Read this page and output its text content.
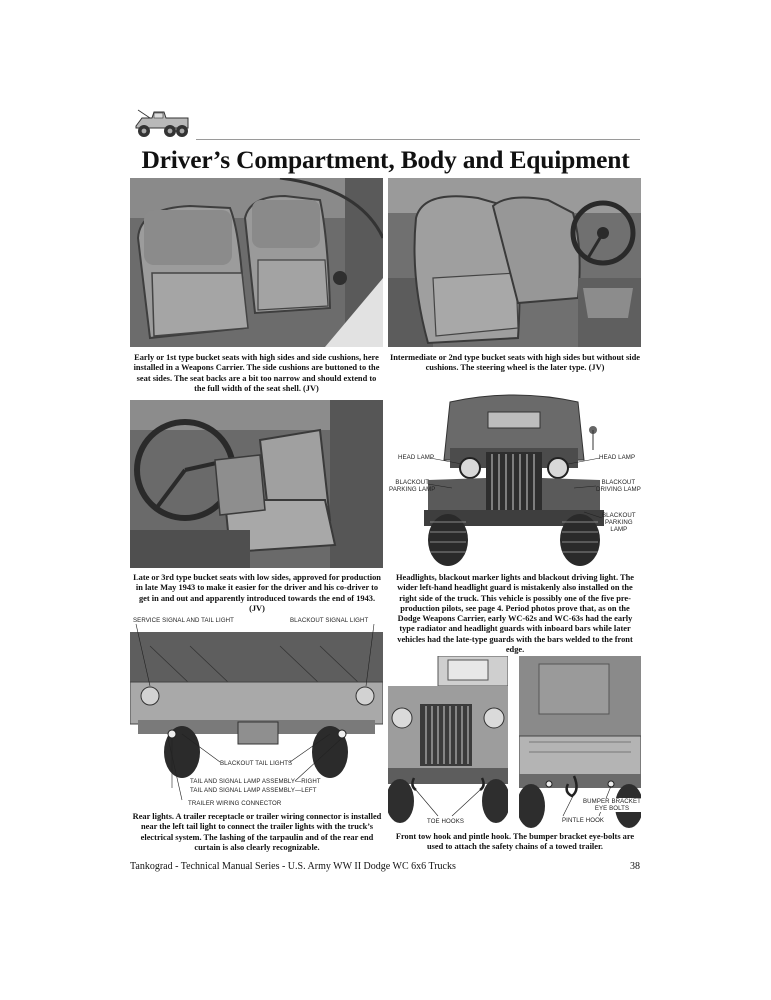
Driver’s Compartment, Body and Equipment
Early or 1st type bucket seats with high sides and side cushions, here installed in a Weapons Carrier. The side cushions are buttoned to the seat sides. The seat backs are a bit too narrow and should extend to the full width of the seat shell. (JV)
Intermediate or 2nd type bucket seats with high sides but without side cushions. The steering wheel is the later type. (JV)
HEAD LAMP	HEAD LAMP
BLACKOUT
PARKING LAMP
BLACKOUT
DRIVING LAMP
BLACKOUT
PARKING
LAMP
Late or 3rd type bucket seats with low sides, approved for production in late May 1943 to make it easier for the driver and his co-driver to get in and out and apparently introduced towards the end of 1943. (JV)
Headlights, blackout marker lights and blackout driving light. The wider left-hand headlight guard is mistakenly also installed on the right side of the truck. This vehicle is possibly one of the five pre-production pilots, see page 4. Period photos prove that, as on the Dodge Weapons Carrier, early WC-62s and WC-63s had the early type radiator and headlight guards with inboard bars while later vehicles had the late-type guards with the bars welded to the front edge.
SERVICE SIGNAL AND TAIL LIGHT	BLACKOUT SIGNAL LIGHT
BLACKOUT TAIL LIGHTS
TAIL AND SIGNAL LAMP ASSEMBLY—RIGHT
TAIL AND SIGNAL LAMP ASSEMBLY—LEFT
TRAILER WIRING CONNECTOR
TOE HOOKS	PINTLE HOOK
BUMPER BRACKET
EYE BOLTS
Rear lights. A trailer receptacle or trailer wiring connector is installed near the left tail light to connect the trailer lights with the truck’s electrical system. The lashing of the tarpaulin and of the rear end curtain is also clearly recognizable.
Front tow hook and pintle hook. The bumper bracket eye-bolts are used to attach the safety chains of a towed trailer.
Tankograd - Technical Manual Series - U.S. Army WW II Dodge WC 6x6 Trucks	38
